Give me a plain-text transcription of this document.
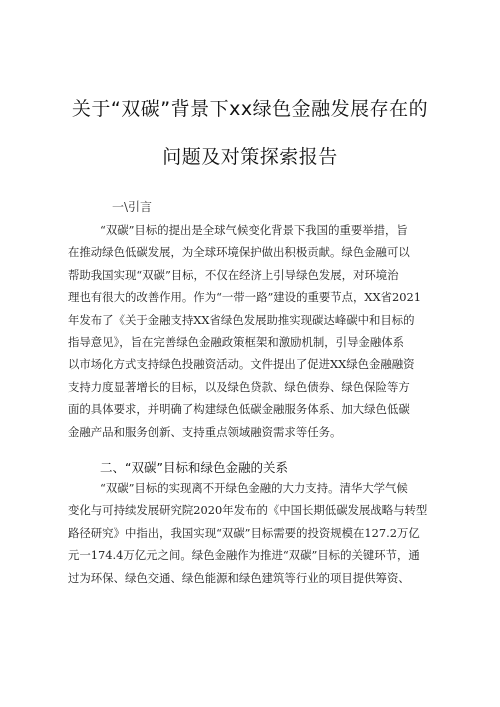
关于“双碳”背景下xx绿色金融发展存在的
问题及对策探索报告
一\引言
“双碳”目标的提出是全球气候变化背景下我国的重要举措，旨
在推动绿色低碳发展，为全球环境保护做出积极贡献。绿色金融可以
帮助我国实现“双碳”目标，不仅在经济上引导绿色发展，对环境治
理也有很大的改善作用。作为“一带一路”建设的重要节点，XX省2021
年发布了《关于金融支持XX省绿色发展助推实现碳达峰碳中和目标的
指导意见》，旨在完善绿色金融政策框架和激励机制，引导金融体系
以市场化方式支持绿色投融资活动。文件提出了促进XX绿色金融融资
支持力度显著增长的目标，以及绿色贷款、绿色债券、绿色保险等方
面的具体要求，并明确了构建绿色低碳金融服务体系、加大绿色低碳
金融产品和服务创新、支持重点领域融资需求等任务。
二、“双碳”目标和绿色金融的关系
“双碳”目标的实现离不开绿色金融的大力支持。清华大学气候
变化与可持续发展研究院2020年发布的《中国长期低碳发展战略与转型
路径研究》中指出，我国实现“双碳”目标需要的投资规模在127.2万亿
元一174.4万亿元之间。绿色金融作为推进“双碳”目标的关键环节，通
过为环保、绿色交通、绿色能源和绿色建筑等行业的项目提供筹资、
